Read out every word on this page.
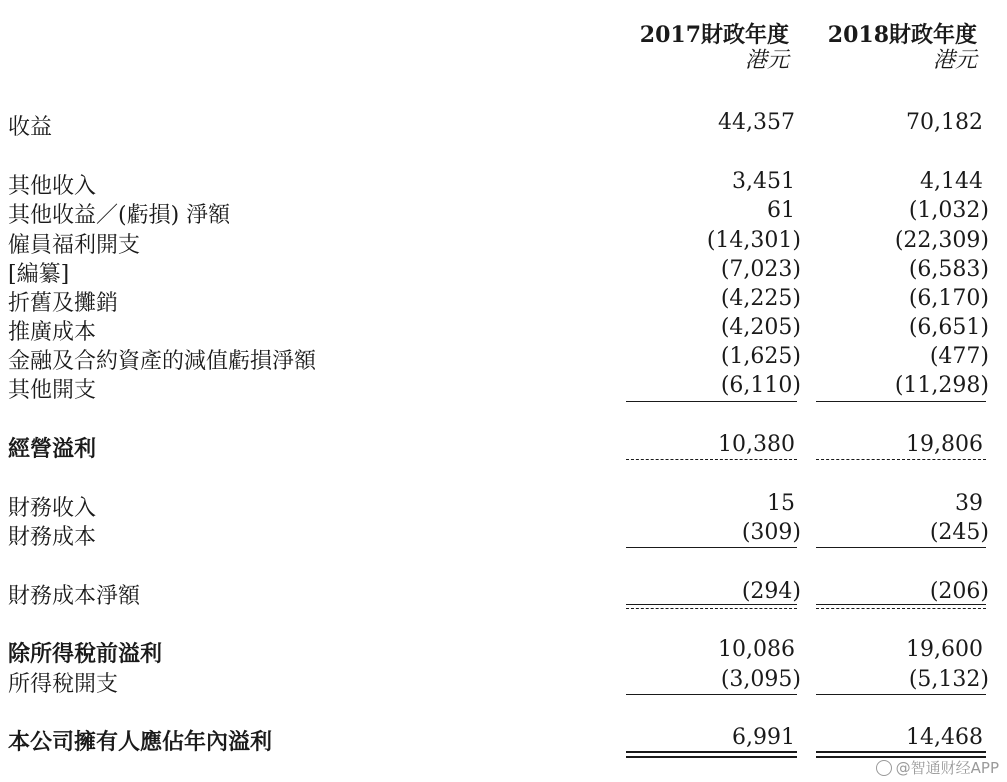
2017財政年度
港元
2018財政年度
港元
收益	44,357	70,182
其他收入	3,451	4,144
其他收益／(虧損) 淨額	61	(1,032)
僱員福利開支	(14,301)	(22,309)
[編纂]	(7,023)	(6,583)
折舊及攤銷	(4,225)	(6,170)
推廣成本	(4,205)	(6,651)
金融及合約資產的減值虧損淨額	(1,625)	(477)
其他開支	(6,110)	(11,298)
經營溢利	10,380	19,806
財務收入	15	39
財務成本	(309)	(245)
財務成本淨額	(294)	(206)
除所得稅前溢利	10,086	19,600
所得稅開支	(3,095)	(5,132)
本公司擁有人應佔年內溢利	6,991	14,468
@智通财经APP
